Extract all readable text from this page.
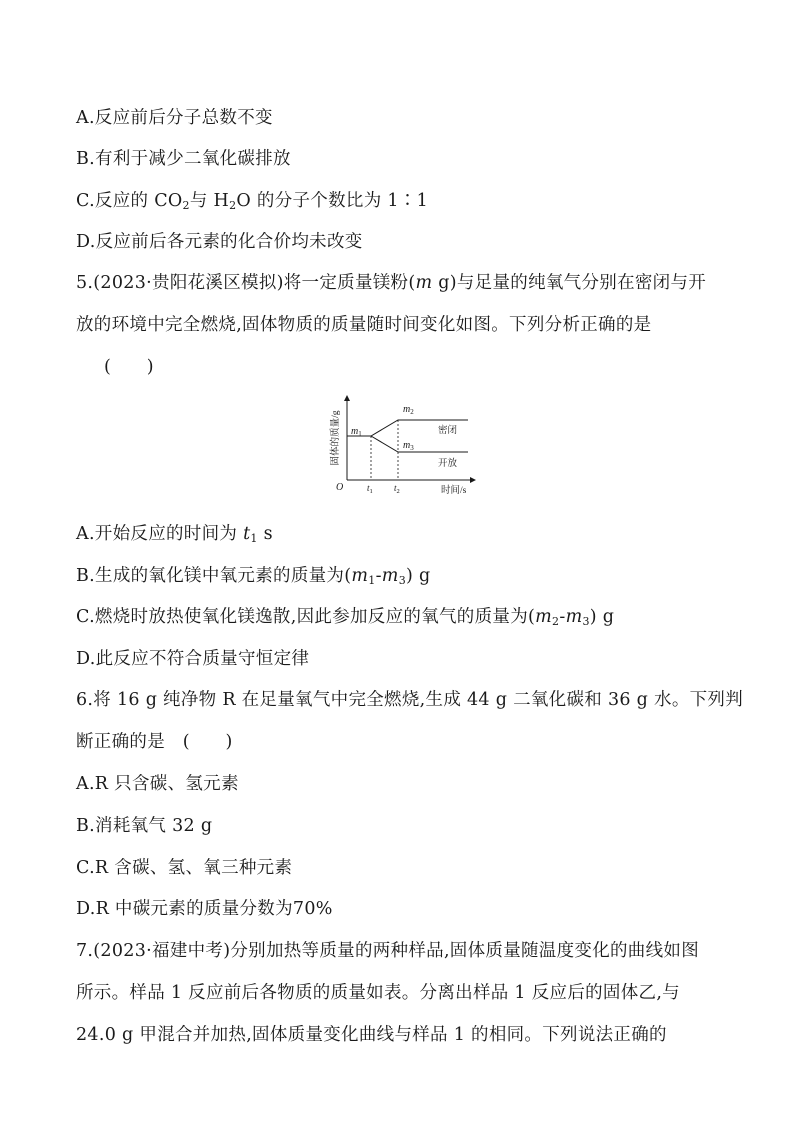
A.反应前后分子总数不变
B.有利于减少二氧化碳排放
C.反应的 $CO_2$与 $H_2O$ 的分子个数比为 1∶1
D.反应前后各元素的化合价均未改变
5.(2023·贵阳花溪区模拟)将一定质量镁粉(m g)与足量的纯氧气分别在密闭与开
放的环境中完全燃烧,固体物质的质量随时间变化如图。下列分析正确的是
(　　)
固体的质量/g
时间/s
O
$m_1$
$m_2$
$m_3$
密闭
开放
$t_1$ $t_2$
A.开始反应的时间为 $t_1$ s
B.生成的氧化镁中氧元素的质量为$(m_1-m_3)$ g
C.燃烧时放热使氧化镁逸散,因此参加反应的氧气的质量为$(m_2-m_3)$ g
D.此反应不符合质量守恒定律
6.将 16 g 纯净物 R 在足量氧气中完全燃烧,生成 44 g 二氧化碳和 36 g 水。下列判
断正确的是　(　　)
A.R 只含碳、氢元素
B.消耗氧气 32 g
C.R 含碳、氢、氧三种元素
D.R 中碳元素的质量分数为70%
7.(2023·福建中考)分别加热等质量的两种样品,固体质量随温度变化的曲线如图
所示。样品 1 反应前后各物质的质量如表。分离出样品 1 反应后的固体乙,与
24.0 g 甲混合并加热,固体质量变化曲线与样品 1 的相同。下列说法正确的
